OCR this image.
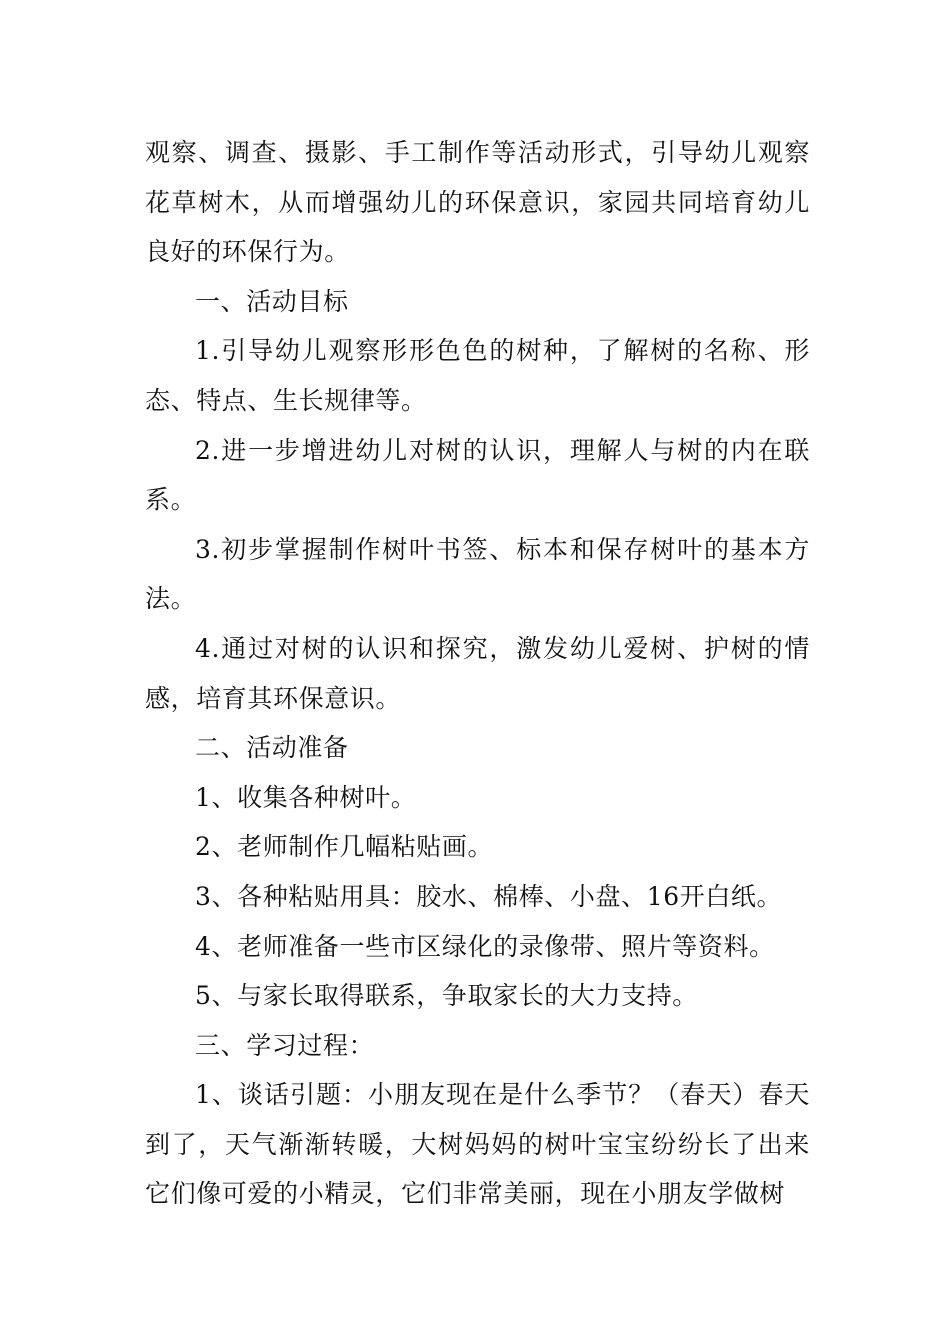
观察、调查、摄影、手工制作等活动形式，引导幼儿观察花草树木，从而增强幼儿的环保意识，家园共同培育幼儿良好的环保行为。

一、活动目标

1.引导幼儿观察形形色色的树种，了解树的名称、形态、特点、生长规律等。

2.进一步增进幼儿对树的认识，理解人与树的内在联系。

3.初步掌握制作树叶书签、标本和保存树叶的基本方法。

4.通过对树的认识和探究，激发幼儿爱树、护树的情感，培育其环保意识。

二、活动准备

1、收集各种树叶。

2、老师制作几幅粘贴画。

3、各种粘贴用具：胶水、棉棒、小盘、16开白纸。

4、老师准备一些市区绿化的录像带、照片等资料。

5、与家长取得联系，争取家长的大力支持。

三、学习过程：

1、谈话引题：小朋友现在是什么季节？（春天）春天到了，天气渐渐转暖，大树妈妈的树叶宝宝纷纷长了出来它们像可爱的小精灵，它们非常美丽，现在小朋友学做树
